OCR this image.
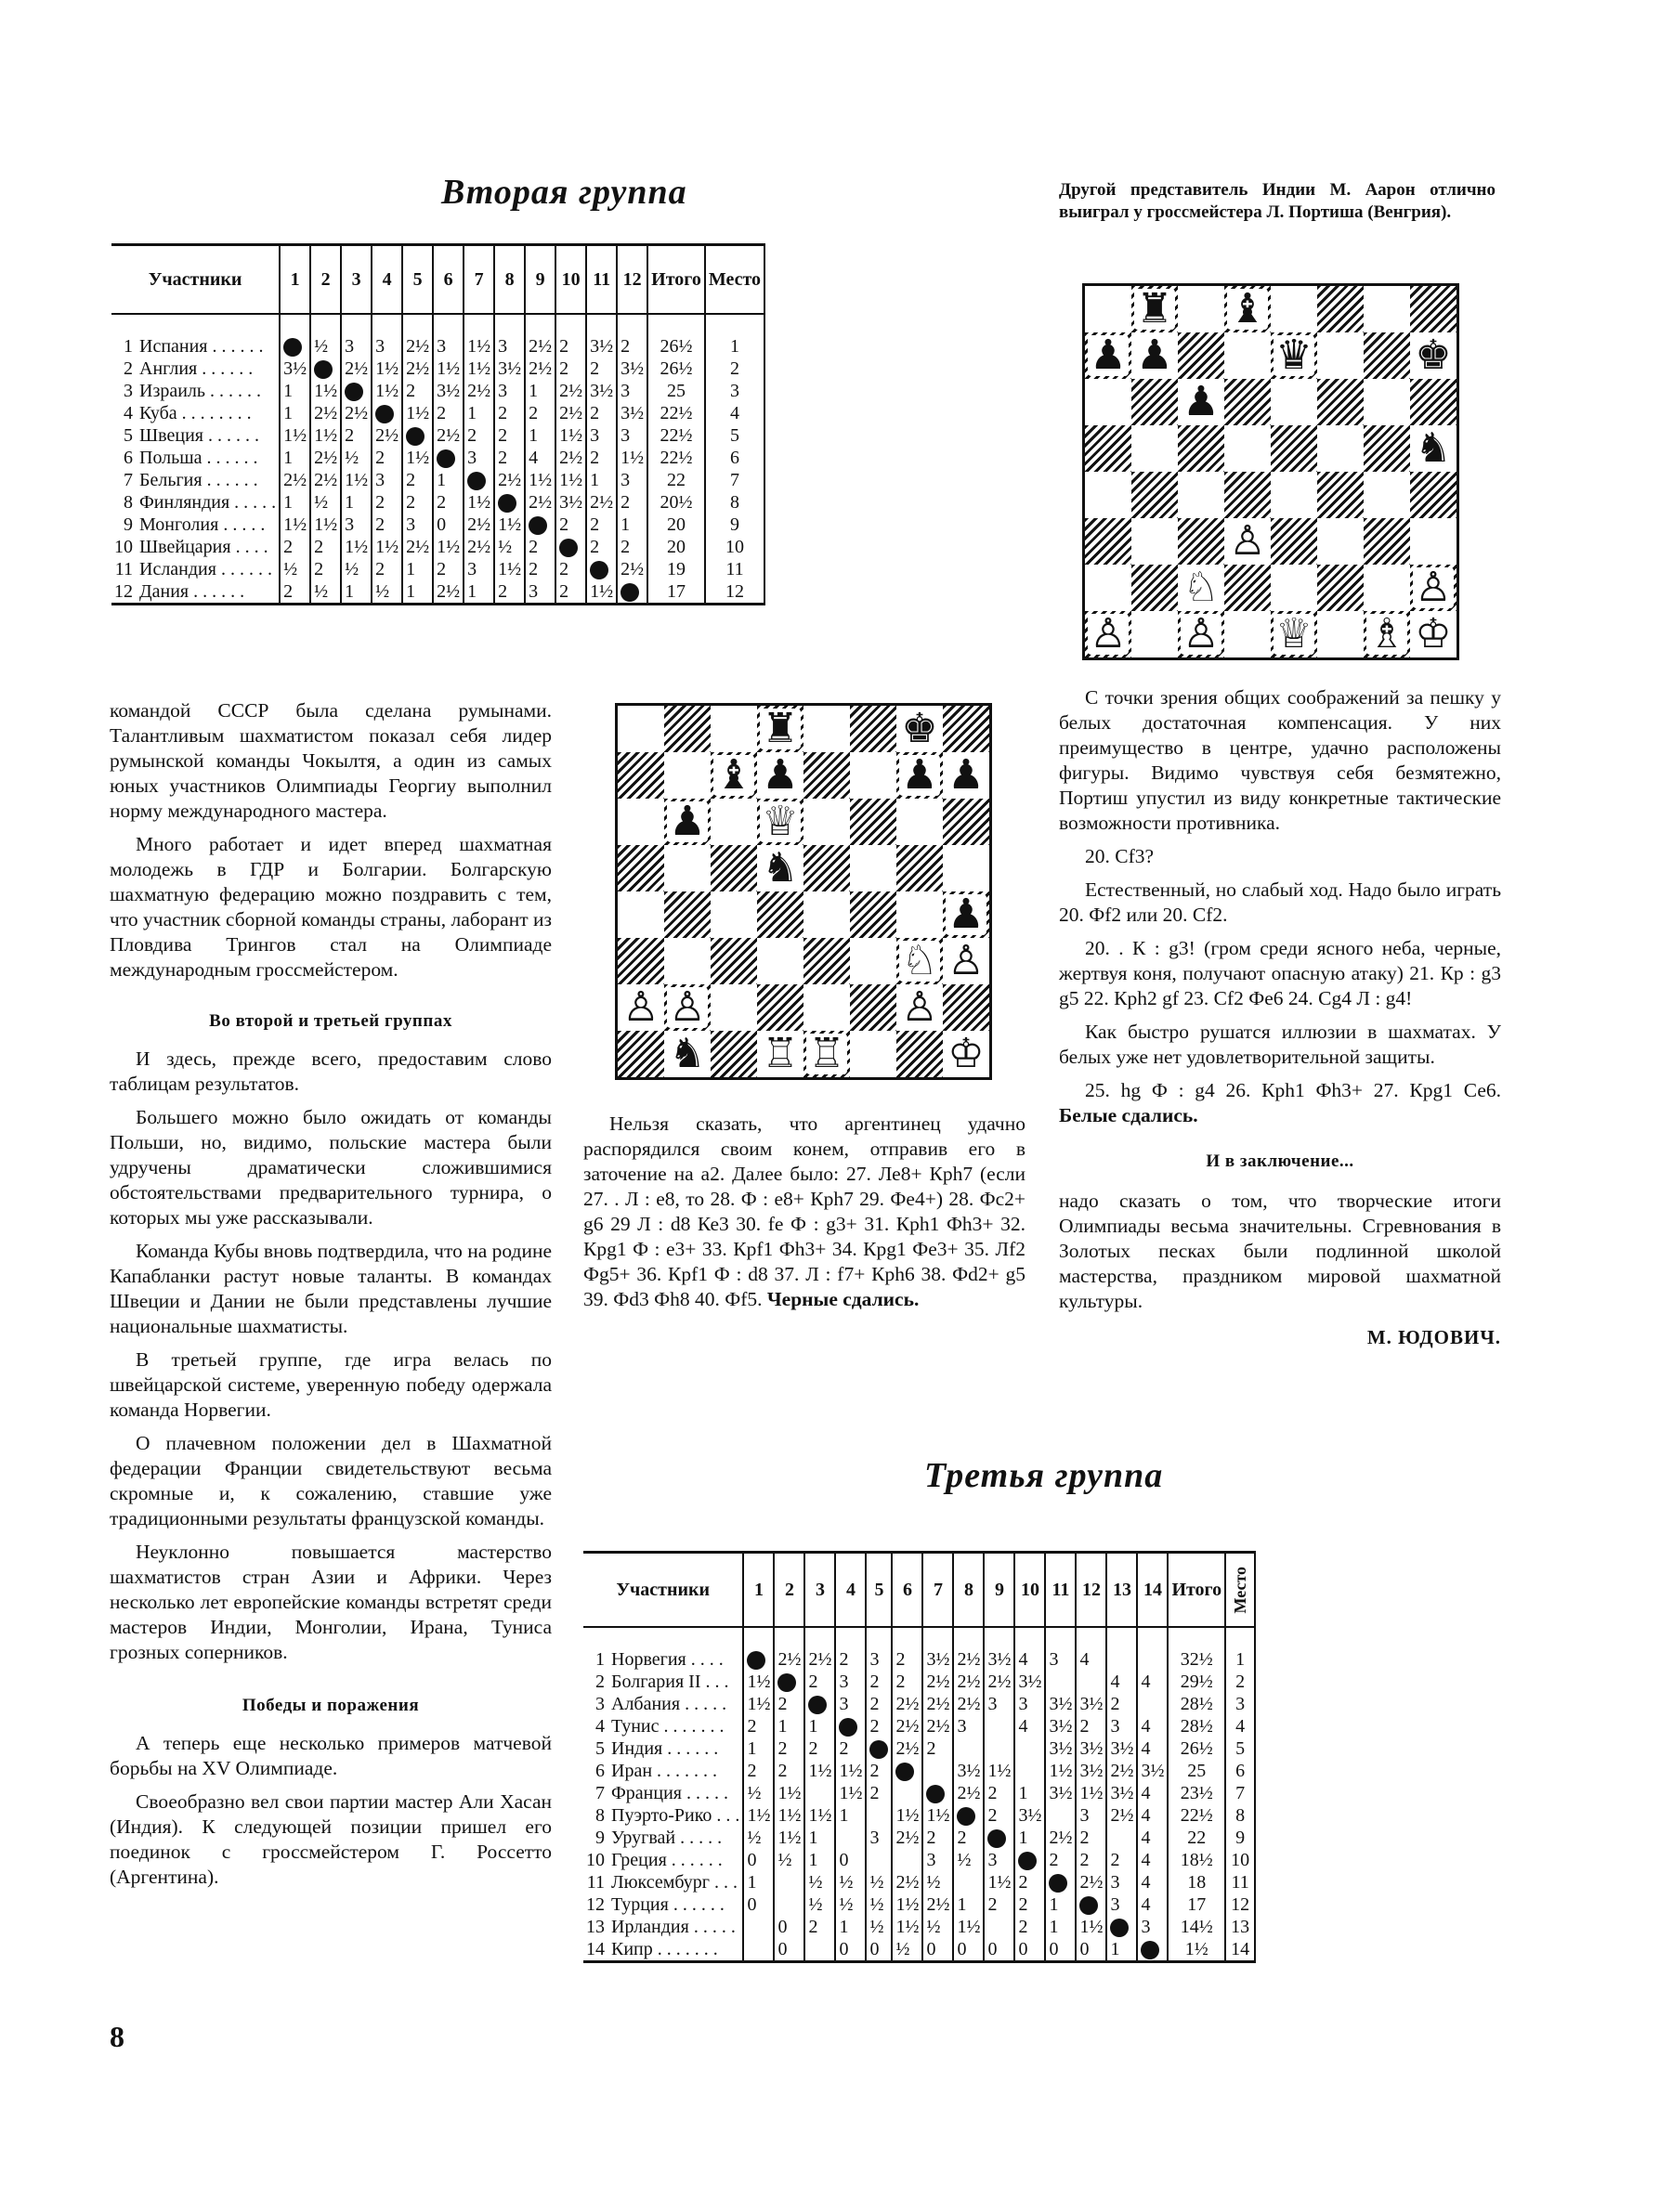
Вторая группа
Участники		1	2	3	4	5	6	7	8	9	10	11	12	Итого	Место

1	Испания . . . . . .		½	3	3	2½	3	1½	3	2½	2	3½	2	26½	1
2	Англия . . . . . .	3½		2½	1½	2½	1½	1½	3½	2½	2	2	3½	26½	2
3	Израиль . . . . . .	1	1½		1½	2	3½	2½	3	1	2½	3½	3	25	3
4	Куба . . . . . . . .	1	2½	2½		1½	2	1	2	2	2½	2	3½	22½	4
5	Швеция . . . . . .	1½	1½	2	2½		2½	2	2	1	1½	3	3	22½	5
6	Польша . . . . . .	1	2½	½	2	1½		3	2	4	2½	2	1½	22½	6
7	Бельгия . . . . . .	2½	2½	1½	3	2	1		2½	1½	1½	1	3	22	7
8	Финляндия . . . . .	1	½	1	2	2	2	1½		2½	3½	2½	2	20½	8
9	Монголия . . . . .	1½	1½	3	2	3	0	2½	1½		2	2	1	20	9
10	Швейцария . . . .	2	2	1½	1½	2½	1½	2½	½	2		2	2	20	10
11	Исландия . . . . . .	½	2	½	2	1	2	3	1½	2	2		2½	19	11
12	Дания . . . . . .	2	½	1	½	1	2½	1	2	3	2	1½		17	12
Другой представитель Индии М. Аарон отлично выиграл у гроссмейстера Л. Портиша (Венгрия).
♜ ♝
♟ ♟	♛	♚
♟
♞
♙
♘	♙
♙ ♙ ♕ ♗ ♔

командой СССР была сделана румынами. Талантливым шахматистом показал себя лидер румынской команды Чокылтя, а один из самых юных участников Олимпиады Георгиу выполнил норму международного мастера.

Много работает и идет вперед шахматная молодежь в ГДР и Болгарии. Болгарскую шахматную федерацию можно поздравить с тем, что участник сборной команды страны, лаборант из Пловдива Трингов стал на Олимпиаде международным гроссмейстером.

Во второй и третьей группах

И здесь, прежде всего, предоставим слово таблицам результатов.

Большего можно было ожидать от команды Польши, но, видимо, польские мастера были удручены драматически сложившимися обстоятельствами предварительного турнира, о которых мы уже рассказывали.

Команда Кубы вновь подтвердила, что на родине Капабланки растут новые таланты. В командах Швеции и Дании не были представлены лучшие национальные шахматисты.

В третьей группе, где игра велась по швейцарской системе, уверенную победу одержала команда Норвегии.

О плачевном положении дел в Шахматной федерации Франции свидетельствуют весьма скромные и, к сожалению, ставшие уже традиционными результаты французской команды.

Неуклонно повышается мастерство шахматистов стран Азии и Африки. Через несколько лет европейские команды встретят среди мастеров Индии, Монголии, Ирана, Туниса грозных соперников.

Победы и поражения

А теперь еще несколько примеров матчевой борьбы на XV Олимпиаде.

Своеобразно вел свои партии мастер Али Хасан (Индия). К следующей позиции пришел его поединок с гроссмейстером Г. Россетто (Аргентина).

♜	♚
♝ ♟	♟ ♟
♟ ♕
♞
♟
♘ ♙
♙ ♙	♙
♞ ♖ ♖	♔

Нельзя сказать, что аргентинец удачно распорядился своим конем, отправив его в заточение на a2. Далее было: 27. Ле8+ Крh7 (если 27. . Л : е8, то 28. Ф : е8+ Крh7 29. Фе4+) 28. Фс2+ g6 29 Л : d8 Ке3 30. fе Ф : g3+ 31. Крh1 Фh3+ 32. Крg1 Ф : е3+ 33. Крf1 Фh3+ 34. Крg1 Фе3+ 35. Лf2 Фg5+ 36. Крf1 Ф : d8 37. Л : f7+ Крh6 38. Фd2+ g5 39. Фd3 Фh8 40. Фf5. Черные сдались.

С точки зрения общих соображений за пешку у белых достаточная компенсация. У них преимущество в центре, удачно расположены фигуры. Видимо чувствуя себя безмятежно, Портиш упустил из виду конкретные тактические возможности противника.

20. Сf3?

Естественный, но слабый ход. Надо было играть 20. Фf2 или 20. Сf2.

20. . К : g3! (гром среди ясного неба, черные, жертвуя коня, получают опасную атаку) 21. Кр : g3 g5 22. Крh2 gf 23. Сf2 Фе6 24. Сg4 Л : g4!

Как быстро рушатся иллюзии в шахматах. У белых уже нет удовлетворительной защиты.

25. hg Ф : g4 26. Крh1 Фh3+ 27. Крg1 Се6. Белые сдались.

И в заключение...

надо сказать о том, что творческие итоги Олимпиады весьма значительны. Сгревнования в Золотых песках были подлинной школой мастерства, праздником мировой шахматной культуры.

М. ЮДОВИЧ.
Третья группа
Участники		1	2	3	4	5	6	7	8	9	10	11	12	13	14	Итого	Место

1	Норвегия . . . .		2½	2½	2	3	2	3½	2½	3½	4	3	4			32½	1
2	Болгария II . . .	1½		2	3	2	2	2½	2½	2½	3½			4	4	29½	2
3	Албания . . . . .	1½	2		3	2	2½	2½	2½	3	3	3½	3½	2		28½	3
4	Тунис . . . . . . .	2	1	1		2	2½	2½	3		4	3½	2	3	4	28½	4
5	Индия . . . . . .	1	2	2	2		2½	2				3½	3½	3½	4	26½	5
6	Иран . . . . . . .	2	2	1½	1½	2			3½	1½		1½	3½	2½	3½	25	6
7	Франция . . . . .	½	1½		1½	2			2½	2	1	3½	1½	3½	4	23½	7
8	Пуэрто-Рико . . .	1½	1½	1½	1		1½	1½		2	3½		3	2½	4	22½	8
9	Уругвай . . . . .	½	1½	1		3	2½	2	2		1	2½	2		4	22	9
10	Греция . . . . . .	0	½	1	0			3	½	3		2	2	2	4	18½	10
11	Люксембург . . .	1		½	½	½	2½	½		1½	2		2½	3	4	18	11
12	Турция . . . . . .	0		½	½	½	1½	2½	1	2	2	1		3	4	17	12
13	Ирландия . . . . .		0	2	1	½	1½	½	1½		2	1	1½		3	14½	13
14	Кипр . . . . . . .		0		0	0	½	0	0	0	0	0	0	1		1½	14
8
